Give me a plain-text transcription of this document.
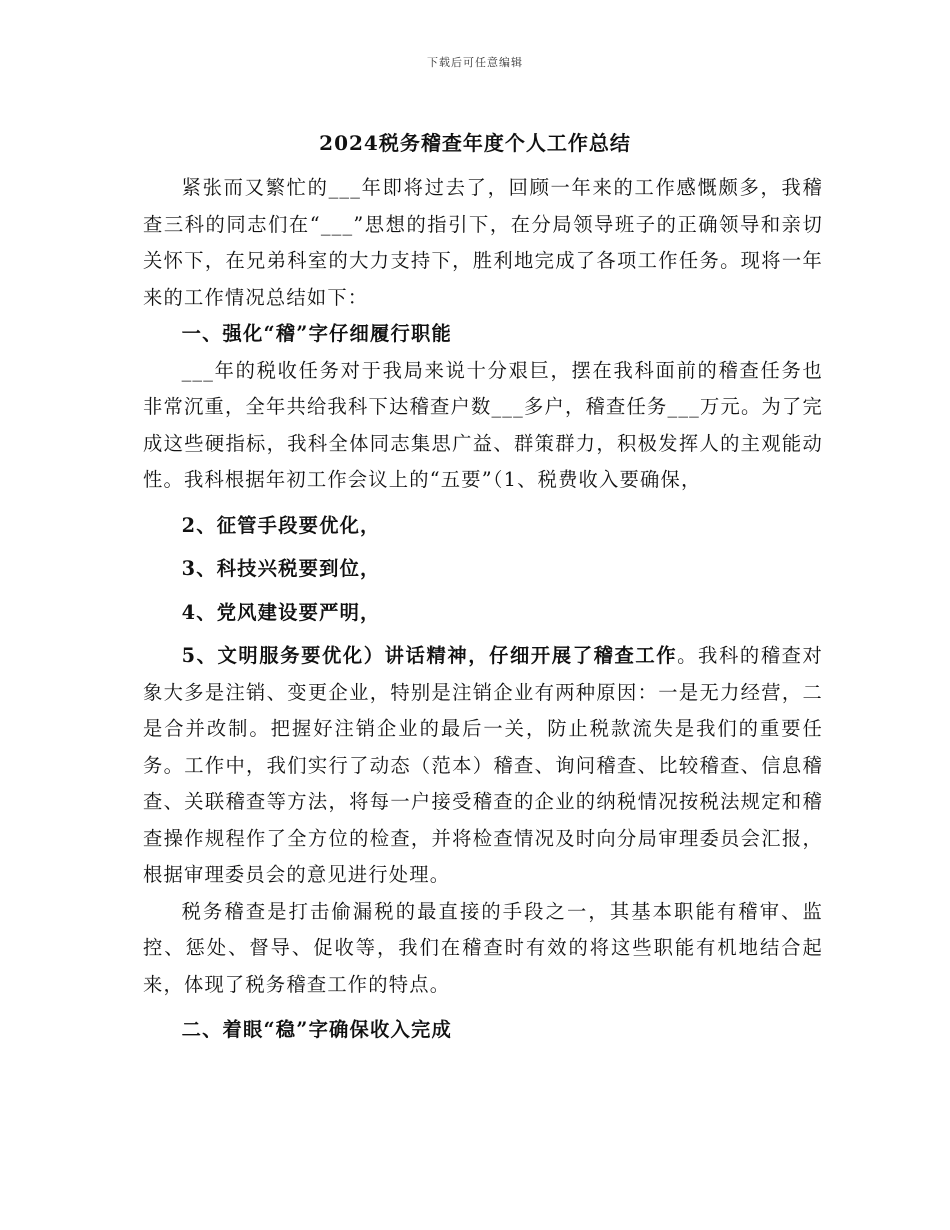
下载后可任意编辑
2024税务稽查年度个人工作总结

紧张而又繁忙的___年即将过去了，回顾一年来的工作感慨颇多，我稽查三科的同志们在“___”思想的指引下，在分局领导班子的正确领导和亲切关怀下，在兄弟科室的大力支持下，胜利地完成了各项工作任务。现将一年来的工作情况总结如下：

一、强化“稽”字仔细履行职能

___年的税收任务对于我局来说十分艰巨，摆在我科面前的稽查任务也非常沉重，全年共给我科下达稽查户数___多户，稽查任务___万元。为了完成这些硬指标，我科全体同志集思广益、群策群力，积极发挥人的主观能动性。我科根据年初工作会议上的“五要”（1、税费收入要确保，

2、征管手段要优化，

3、科技兴税要到位，

4、党风建设要严明，

5、文明服务要优化）讲话精神，仔细开展了稽查工作。我科的稽查对象大多是注销、变更企业，特别是注销企业有两种原因：一是无力经营，二是合并改制。把握好注销企业的最后一关，防止税款流失是我们的重要任务。工作中，我们实行了动态（范本）稽查、询问稽查、比较稽查、信息稽查、关联稽查等方法，将每一户接受稽查的企业的纳税情况按税法规定和稽查操作规程作了全方位的检查，并将检查情况及时向分局审理委员会汇报，根据审理委员会的意见进行处理。

税务稽查是打击偷漏税的最直接的手段之一，其基本职能有稽审、监控、惩处、督导、促收等，我们在稽查时有效的将这些职能有机地结合起来，体现了税务稽查工作的特点。

二、着眼“稳”字确保收入完成
